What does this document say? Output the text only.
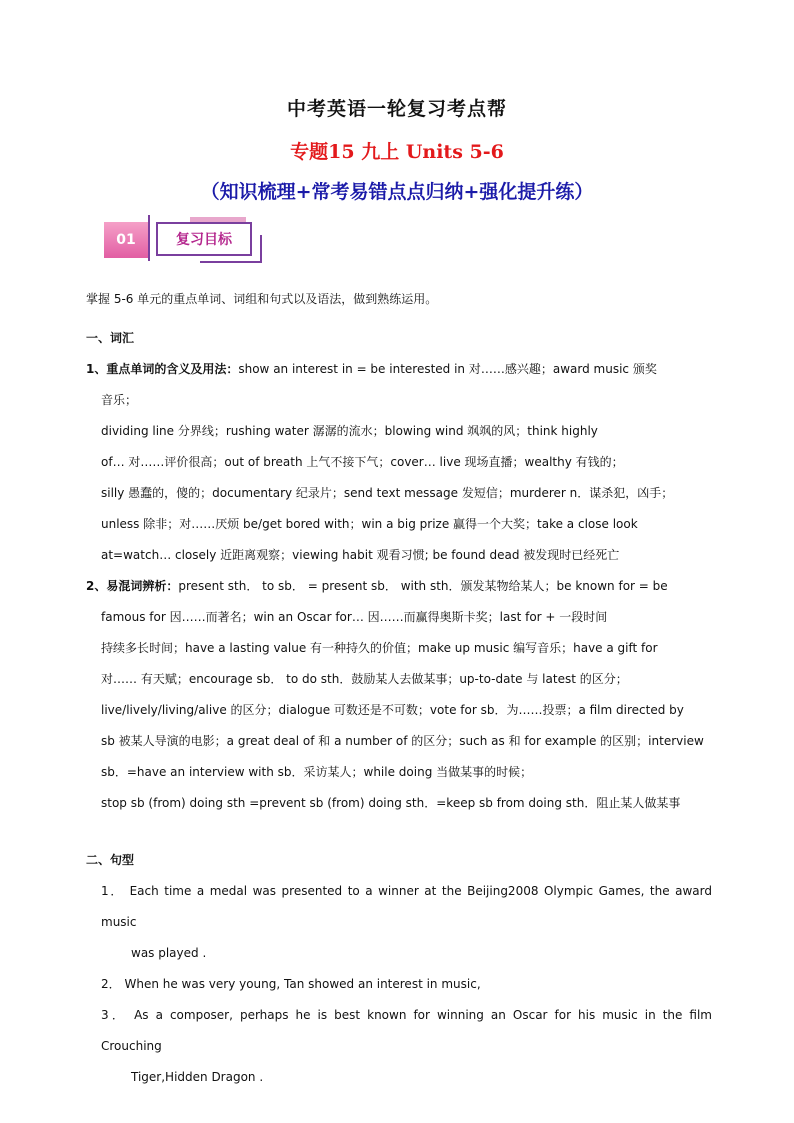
中考英语一轮复习考点帮
专题15 九上 Units 5-6
（知识梳理+常考易错点点归纳+强化提升练）
01	复习目标

掌握 5-6 单元的重点单词、词组和句式以及语法，做到熟练运用。

一、词汇

1、重点单词的含义及用法：show an interest in = be interested in 对……感兴趣；award music 颁奖
音乐；
dividing line 分界线；rushing water 潺潺的流水；blowing wind 飒飒的风；think highly
of… 对……评价很高；out of breath 上气不接下气；cover… live 现场直播；wealthy 有钱的；
silly 愚蠢的，傻的；documentary 纪录片；send text message 发短信；murderer n．谋杀犯，凶手；
unless 除非；对……厌烦 be/get bored with；win a big prize 赢得一个大奖；take a close look
at=watch… closely 近距离观察；viewing habit 观看习惯; be found dead 被发现时已经死亡
2、易混词辨析：present sth． to sb． = present sb． with sth．颁发某物给某人；be known for = be
famous for 因……而著名；win an Oscar for… 因……而赢得奥斯卡奖；last for + 一段时间
持续多长时间；have a lasting value 有一种持久的价值；make up music 编写音乐；have a gift for
对…… 有天赋；encourage sb． to do sth．鼓励某人去做某事；up-to-date 与 latest 的区分；
live/lively/living/alive 的区分；dialogue 可数还是不可数；vote for sb．为……投票；a film directed by
sb 被某人导演的电影；a great deal of 和 a number of 的区分；such as 和 for example 的区别；interview
sb．=have an interview with sb．采访某人；while doing 当做某事的时候；
stop sb (from) doing sth =prevent sb (from) doing sth．=keep sb from doing sth．阻止某人做某事

二、句型

1． Each time a medal was presented to a winner at the Beijing2008 Olympic Games, the award music
was played .
2． When he was very young, Tan showed an interest in music,
3． As a composer, perhaps he is best known for winning an Oscar for his music in the film Crouching
Tiger,Hidden Dragon .
